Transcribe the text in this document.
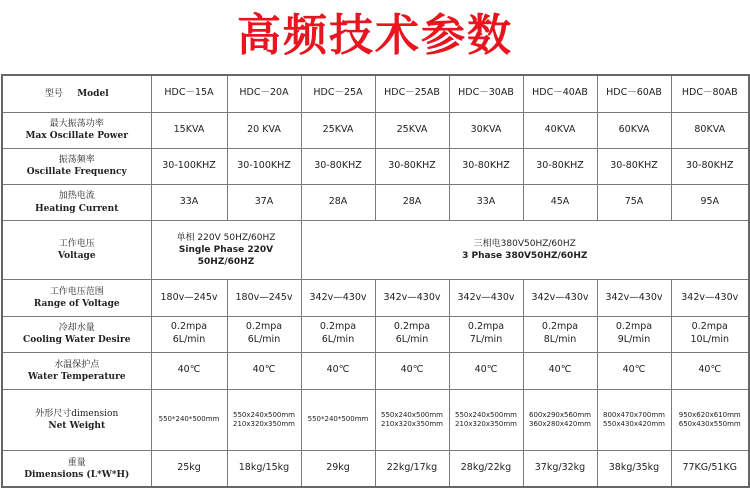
高频技术参数
型号 Model	HDC－15A	HDC－20A	HDC－25A	HDC－25AB	HDC－30AB	HDC－40AB	HDC－60AB	HDC－80AB

最大振荡功率
Max Oscillate Power	15KVA	20 KVA	25KVA	25KVA	30KVA	40KVA	60KVA	80KVA

振荡频率
Oscillate Frequency	30-100KHZ	30-100KHZ	30-80KHZ	30-80KHZ	30-80KHZ	30-80KHZ	30-80KHZ	30-80KHZ

加热电流
Heating Current	33A	37A	28A	28A	33A	45A	75A	95A

工作电压
Voltage	单相 220V 50HZ/60HZ
Single Phase 220V 50HZ/60HZ		三相电380V50HZ/60HZ
3 Phase 380V50HZ/60HZ					

工作电压范围
Range of Voltage	180v—245v	180v—245v	342v—430v	342v—430v	342v—430v	342v—430v	342v—430v	342v—430v

冷却水量
Cooling Water Desire	0.2mpa
6L/min	0.2mpa
6L/min	0.2mpa
6L/min	0.2mpa
6L/min	0.2mpa
7L/min	0.2mpa
8L/min	0.2mpa
9L/min	0.2mpa
10L/min

水温保护点
Water Temperature	40℃	40℃	40℃	40℃	40℃	40℃	40℃	40℃

外形尺寸dimension
Net Weight	550*240*500mm	550x240x500mm
210x320x350mm	550*240*500mm	550x240x500mm
210x320x350mm	550x240x500mm
210x320x350mm	600x290x560mm
360x280x420mm	800x470x700mm
550x430x420mm	950x620x610mm
650x430x550mm

重量
Dimensions (L*W*H)	25kg	18kg/15kg	29kg	22kg/17kg	28kg/22kg	37kg/32kg	38kg/35kg	77KG/51KG
